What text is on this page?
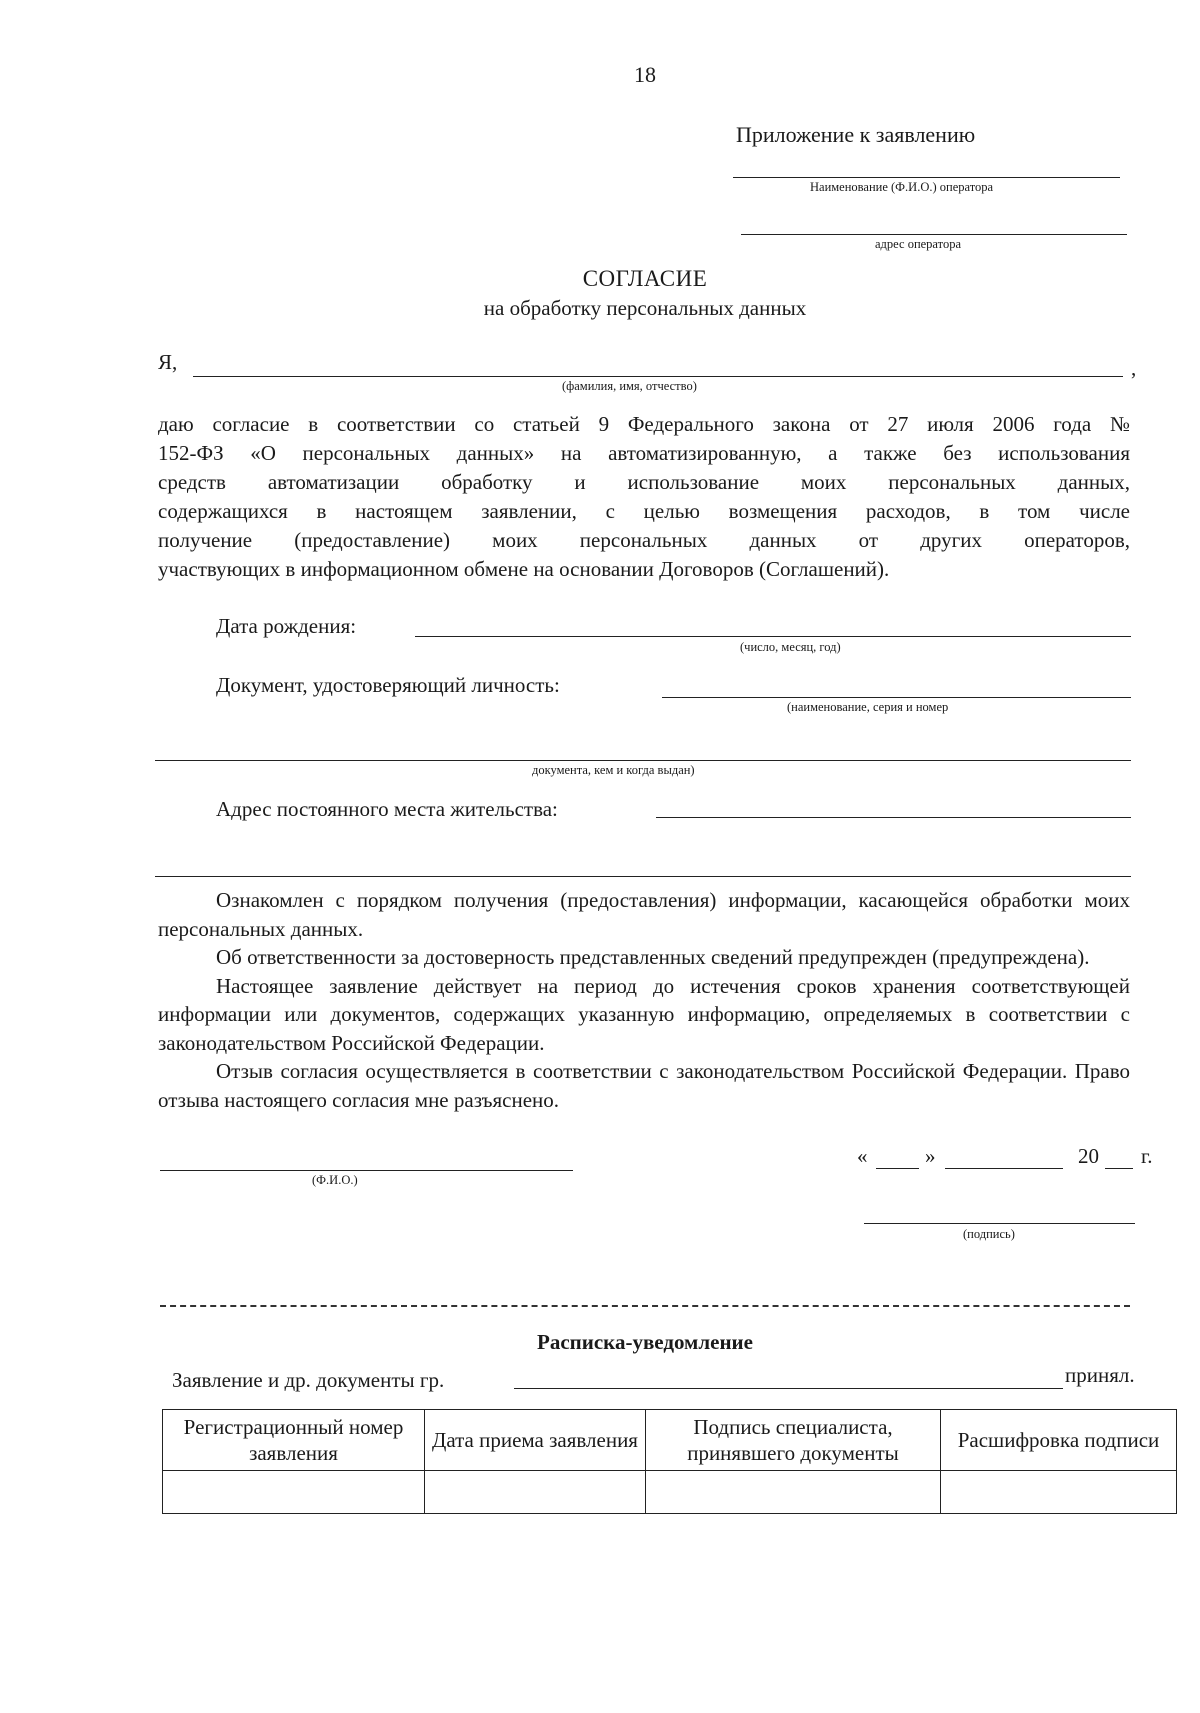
18
Приложение к заявлению
Наименование (Ф.И.О.) оператора
адрес оператора
СОГЛАСИЕ
на обработку персональных данных
Я,	,
(фамилия, имя, отчество)
даю согласие в соответствии со статьей 9 Федерального закона от 27 июля 2006 года №
152-ФЗ «О персональных данных» на автоматизированную, а также без использования
средств автоматизации обработку и использование моих персональных данных,
содержащихся в настоящем заявлении, с целью возмещения расходов, в том числе
получение (предоставление) моих персональных данных от других операторов,
участвующих в информационном обмене на основании Договоров (Соглашений).
Дата рождения:
(число, месяц, год)
Документ, удостоверяющий личность:
(наименование, серия и номер
документа, кем и когда выдан)
Адрес постоянного места жительства:
Ознакомлен с порядком получения (предоставления) информации, касающейся обработки моих персональных данных.
Об ответственности за достоверность представленных сведений предупрежден (предупреждена).
Настоящее заявление действует на период до истечения сроков хранения соответствующей информации или документов, содержащих указанную информацию, определяемых в соответствии с законодательством Российской Федерации.
Отзыв согласия осуществляется в соответствии с законодательством Российской Федерации. Право отзыва настоящего согласия мне разъяснено.
«	»	20 г.
(Ф.И.О.)
(подпись)
Расписка-уведомление
Заявление и др. документы гр.	принял.
Регистрационный номер заявления	Дата приема заявления	Подпись специалиста, принявшего документы	Расшифровка подписи
